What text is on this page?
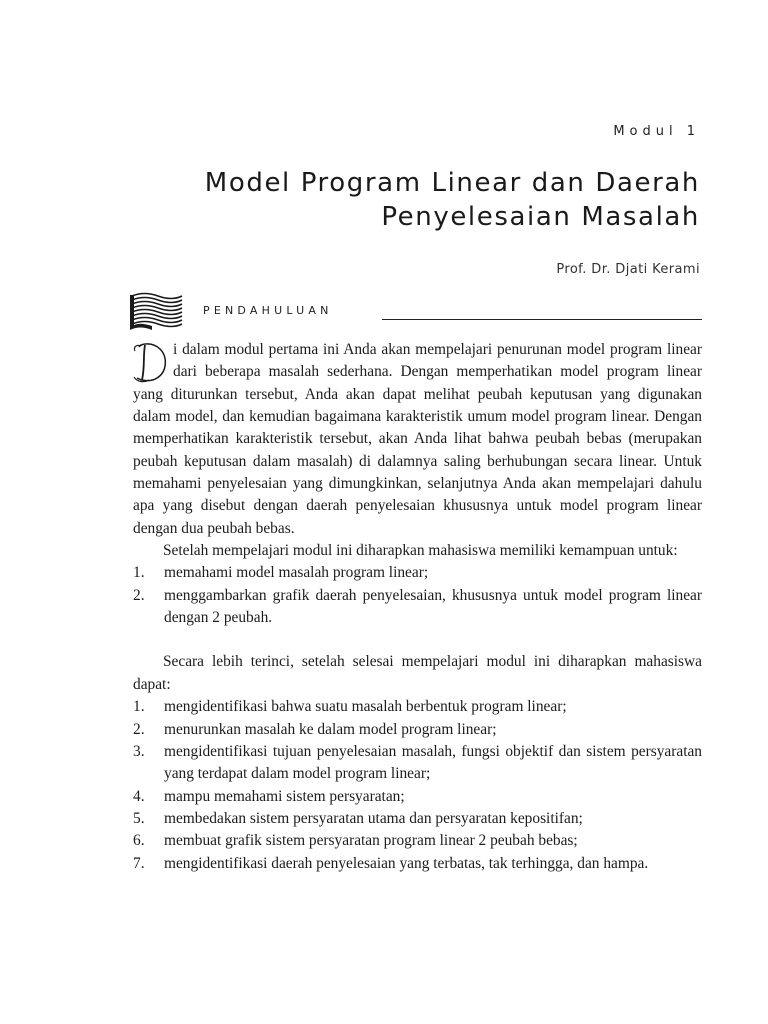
Modul 1
Model Program Linear dan Daerah
Penyelesaian Masalah
Prof. Dr. Djati Kerami
PENDAHULUAN
D

i dalam modul pertama ini Anda akan mempelajari penurunan model program linear dari beberapa masalah sederhana. Dengan memperhatikan model program linear yang diturunkan tersebut, Anda akan dapat melihat peubah keputusan yang digunakan dalam model, dan kemudian bagaimana karakteristik umum model program linear. Dengan memperhatikan karakteristik tersebut, akan Anda lihat bahwa peubah bebas (merupakan peubah keputusan dalam masalah) di dalamnya saling berhubungan secara linear. Untuk memahami penyelesaian yang dimungkinkan, selanjutnya Anda akan mempelajari dahulu apa yang disebut dengan daerah penyelesaian khususnya untuk model program linear dengan dua peubah bebas.

Setelah mempelajari modul ini diharapkan mahasiswa memiliki kemampuan untuk:

1. memahami model masalah program linear;
2. menggambarkan grafik daerah penyelesaian, khususnya untuk model program linear dengan 2 peubah.

Secara lebih terinci, setelah selesai mempelajari modul ini diharapkan mahasiswa dapat:

1. mengidentifikasi bahwa suatu masalah berbentuk program linear;
2. menurunkan masalah ke dalam model program linear;
3. mengidentifikasi tujuan penyelesaian masalah, fungsi objektif dan sistem persyaratan yang terdapat dalam model program linear;
4. mampu memahami sistem persyaratan;
5. membedakan sistem persyaratan utama dan persyaratan kepositifan;
6. membuat grafik sistem persyaratan program linear 2 peubah bebas;
7. mengidentifikasi daerah penyelesaian yang terbatas, tak terhingga, dan hampa.
